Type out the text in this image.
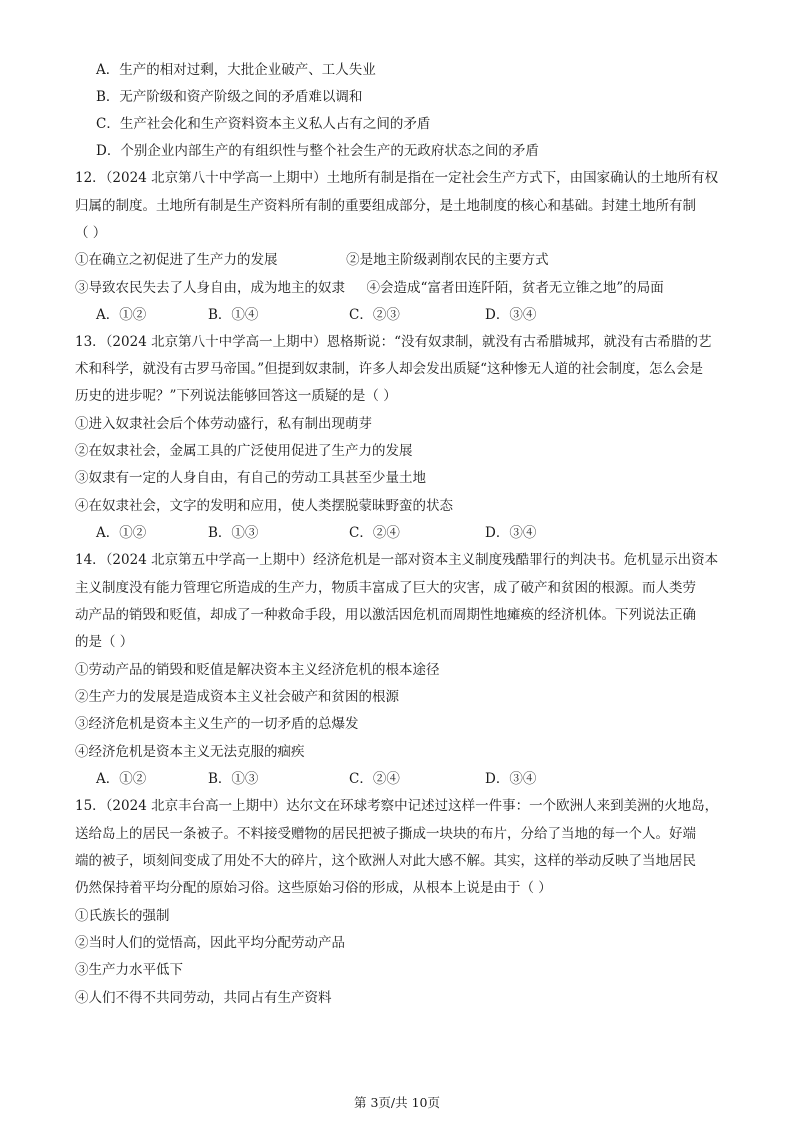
A．生产的相对过剩，大批企业破产、工人失业
B．无产阶级和资产阶级之间的矛盾难以调和
C．生产社会化和生产资料资本主义私人占有之间的矛盾
D．个别企业内部生产的有组织性与整个社会生产的无政府状态之间的矛盾
12．（2024 北京第八十中学高一上期中）土地所有制是指在一定社会生产方式下，由国家确认的土地所有权
归属的制度。土地所有制是生产资料所有制的重要组成部分，是土地制度的核心和基础。封建土地所有制
（ ）
①在确立之初促进了生产力的发展                ②是地主阶级剥削农民的主要方式
③导致农民失去了人身自由，成为地主的奴隶     ④会造成“富者田连阡陌，贫者无立锥之地”的局面
A．①②	B．①④	C．②③	D．③④
13．（2024 北京第八十中学高一上期中）恩格斯说：“没有奴隶制，就没有古希腊城邦，就没有古希腊的艺
术和科学，就没有古罗马帝国。”但提到奴隶制，许多人却会发出质疑“这种惨无人道的社会制度，怎么会是
历史的进步呢？”下列说法能够回答这一质疑的是（ ）
①进入奴隶社会后个体劳动盛行，私有制出现萌芽
②在奴隶社会，金属工具的广泛使用促进了生产力的发展
③奴隶有一定的人身自由，有自己的劳动工具甚至少量土地
④在奴隶社会，文字的发明和应用，使人类摆脱蒙昧野蛮的状态
A．①②	B．①③	C．②④	D．③④
14．（2024 北京第五中学高一上期中）经济危机是一部对资本主义制度残酷罪行的判决书。危机显示出资本
主义制度没有能力管理它所造成的生产力，物质丰富成了巨大的灾害，成了破产和贫困的根源。而人类劳
动产品的销毁和贬值，却成了一种救命手段，用以激活因危机而周期性地瘫痪的经济机体。下列说法正确
的是（ ）
①劳动产品的销毁和贬值是解决资本主义经济危机的根本途径
②生产力的发展是造成资本主义社会破产和贫困的根源
③经济危机是资本主义生产的一切矛盾的总爆发
④经济危机是资本主义无法克服的痼疾
A．①②	B．①③	C．②④	D．③④
15．（2024 北京丰台高一上期中）达尔文在环球考察中记述过这样一件事：一个欧洲人来到美洲的火地岛，
送给岛上的居民一条被子。不料接受赠物的居民把被子撕成一块块的布片，分给了当地的每一个人。好端
端的被子，顷刻间变成了用处不大的碎片，这个欧洲人对此大感不解。其实，这样的举动反映了当地居民
仍然保持着平均分配的原始习俗。这些原始习俗的形成，从根本上说是由于（ ）
①氏族长的强制
②当时人们的觉悟高，因此平均分配劳动产品
③生产力水平低下
④人们不得不共同劳动，共同占有生产资料
第 3页/共 10页
